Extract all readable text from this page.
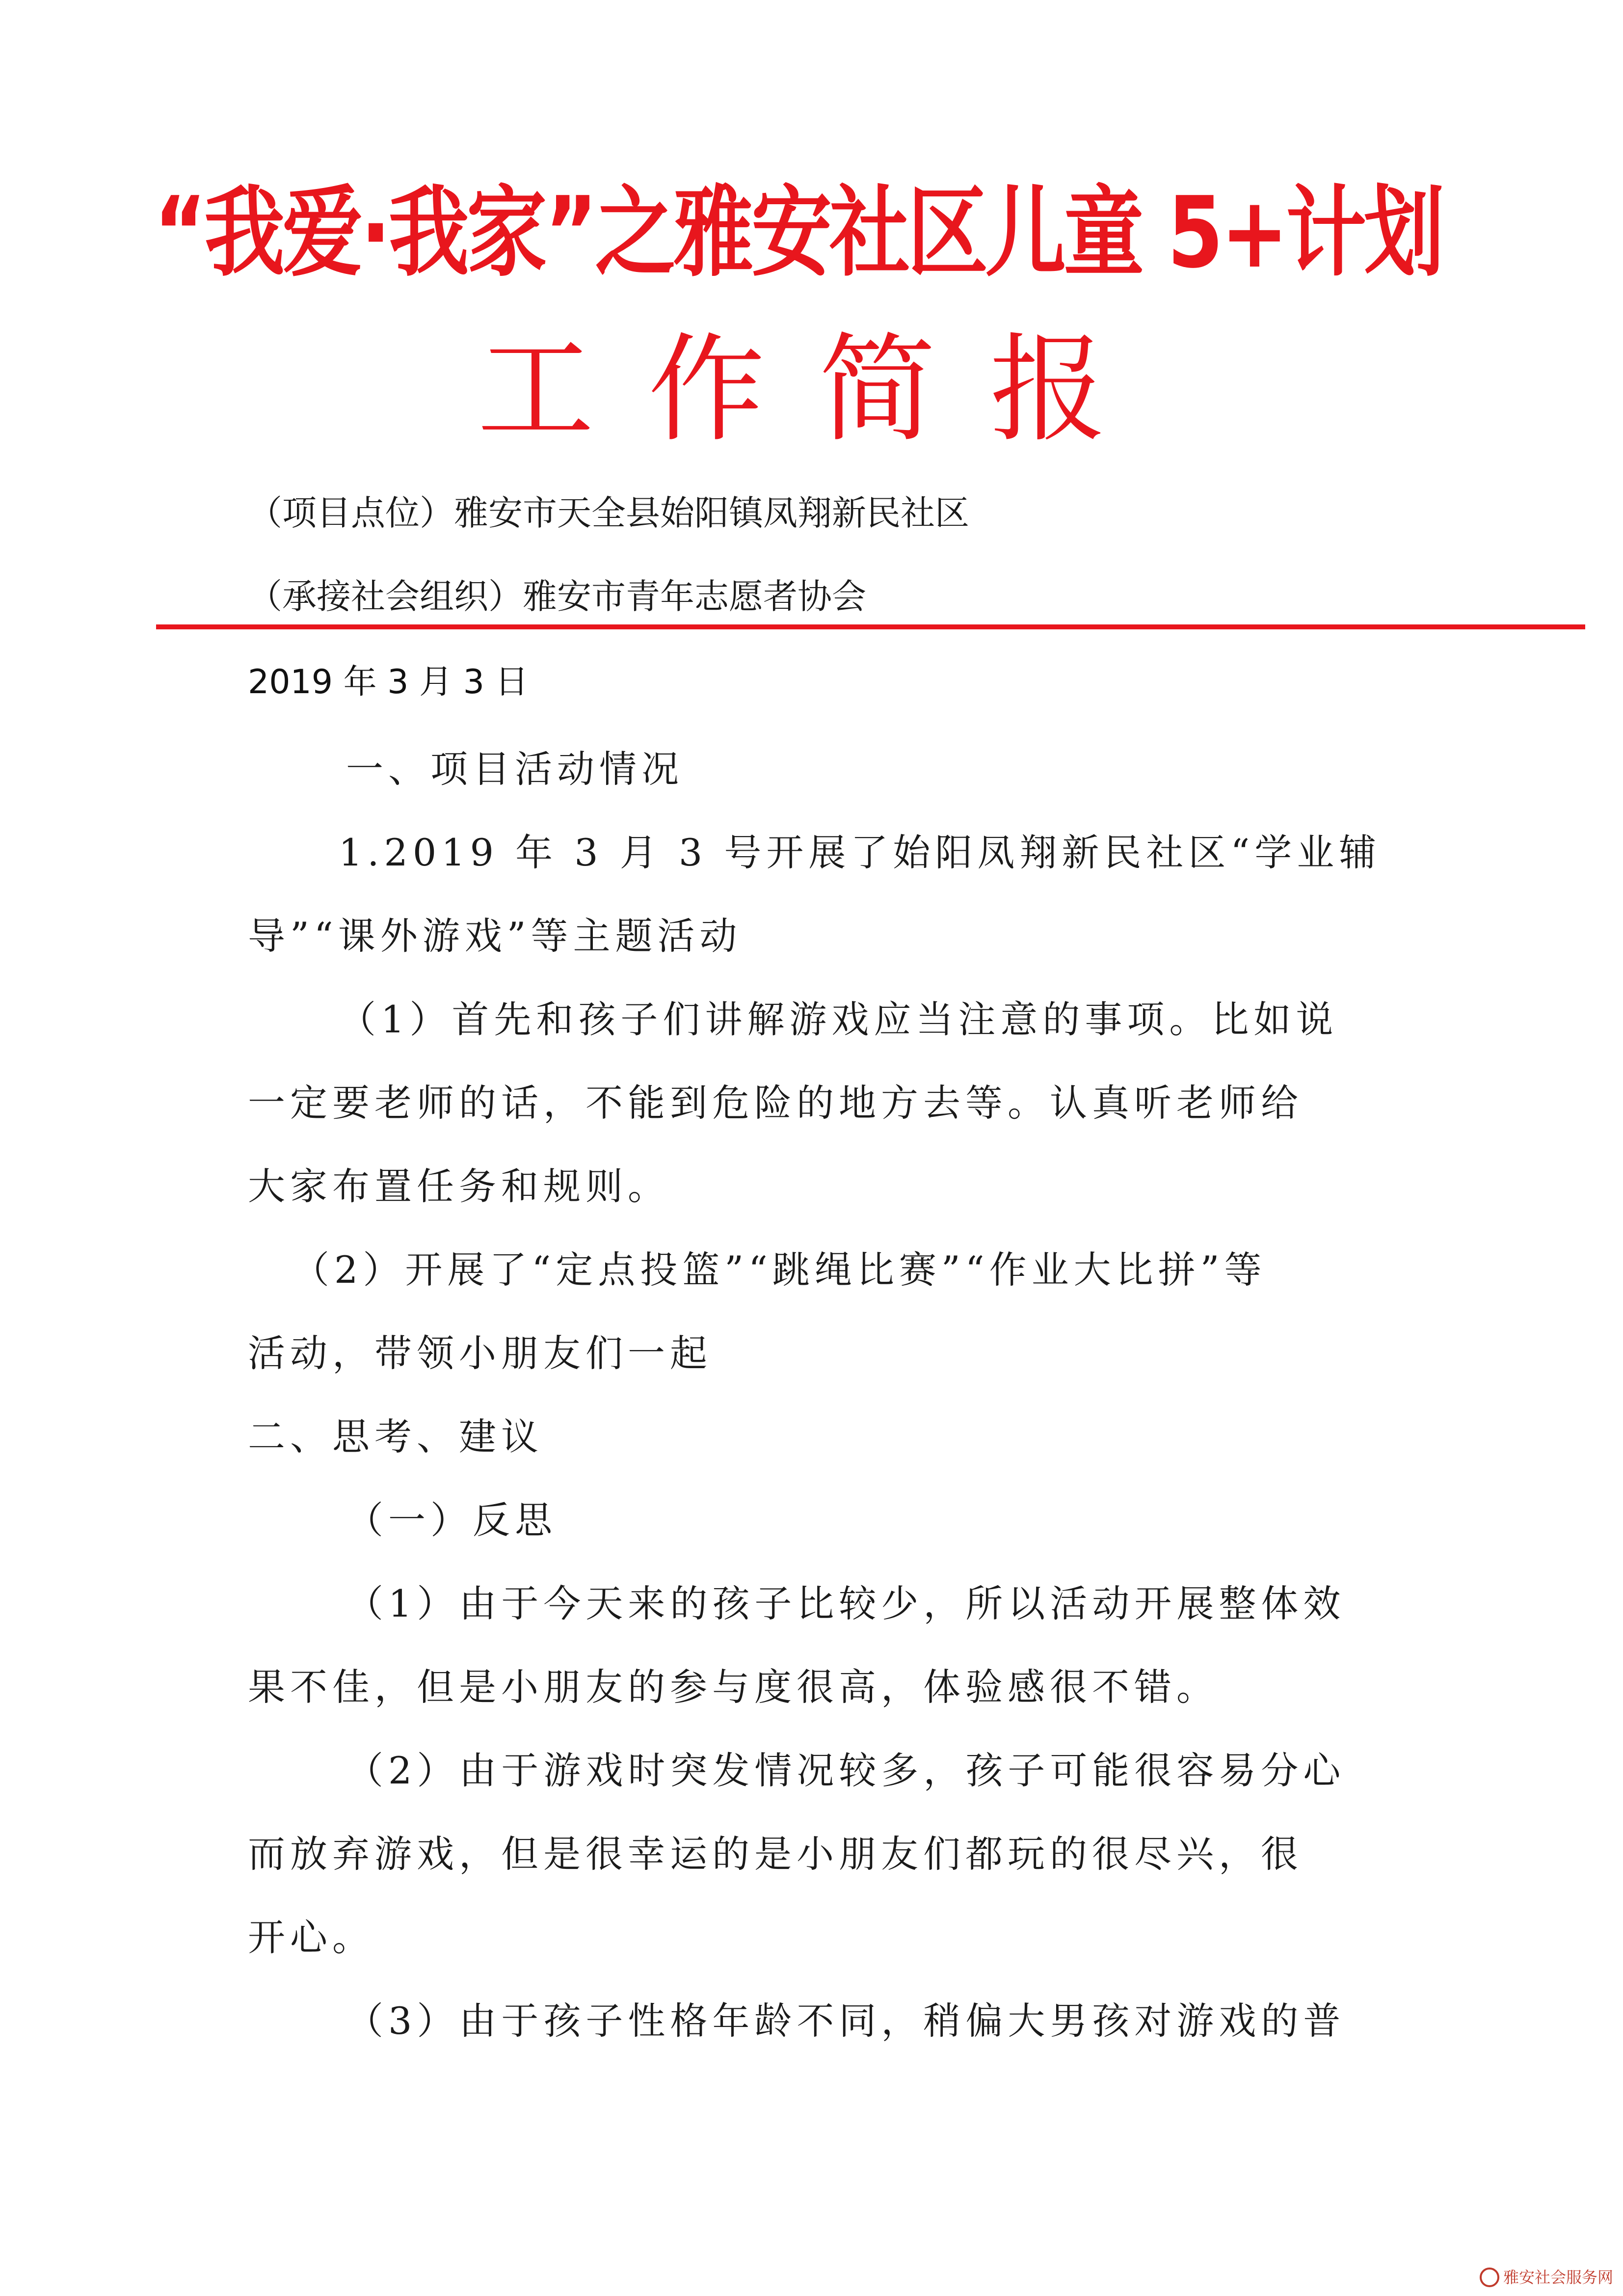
“我爱·我家”之雅安社区儿童 5+计划
工作简报
（项目点位）雅安市天全县始阳镇凤翔新民社区
（承接社会组织）雅安市青年志愿者协会
2019 年 3 月 3 日
一、项目活动情况
1.2019 年 3 月 3 号开展了始阳凤翔新民社区“学业辅
导”“课外游戏”等主题活动
（1）首先和孩子们讲解游戏应当注意的事项。比如说
一定要老师的话，不能到危险的地方去等。认真听老师给
大家布置任务和规则。
（2）开展了“定点投篮”“跳绳比赛”“作业大比拼”等
活动，带领小朋友们一起
二、思考、建议
（一）反思
（1）由于今天来的孩子比较少，所以活动开展整体效
果不佳，但是小朋友的参与度很高，体验感很不错。
（2）由于游戏时突发情况较多，孩子可能很容易分心
而放弃游戏，但是很幸运的是小朋友们都玩的很尽兴，很
开心。
（3）由于孩子性格年龄不同，稍偏大男孩对游戏的普
雅安社会服务网
